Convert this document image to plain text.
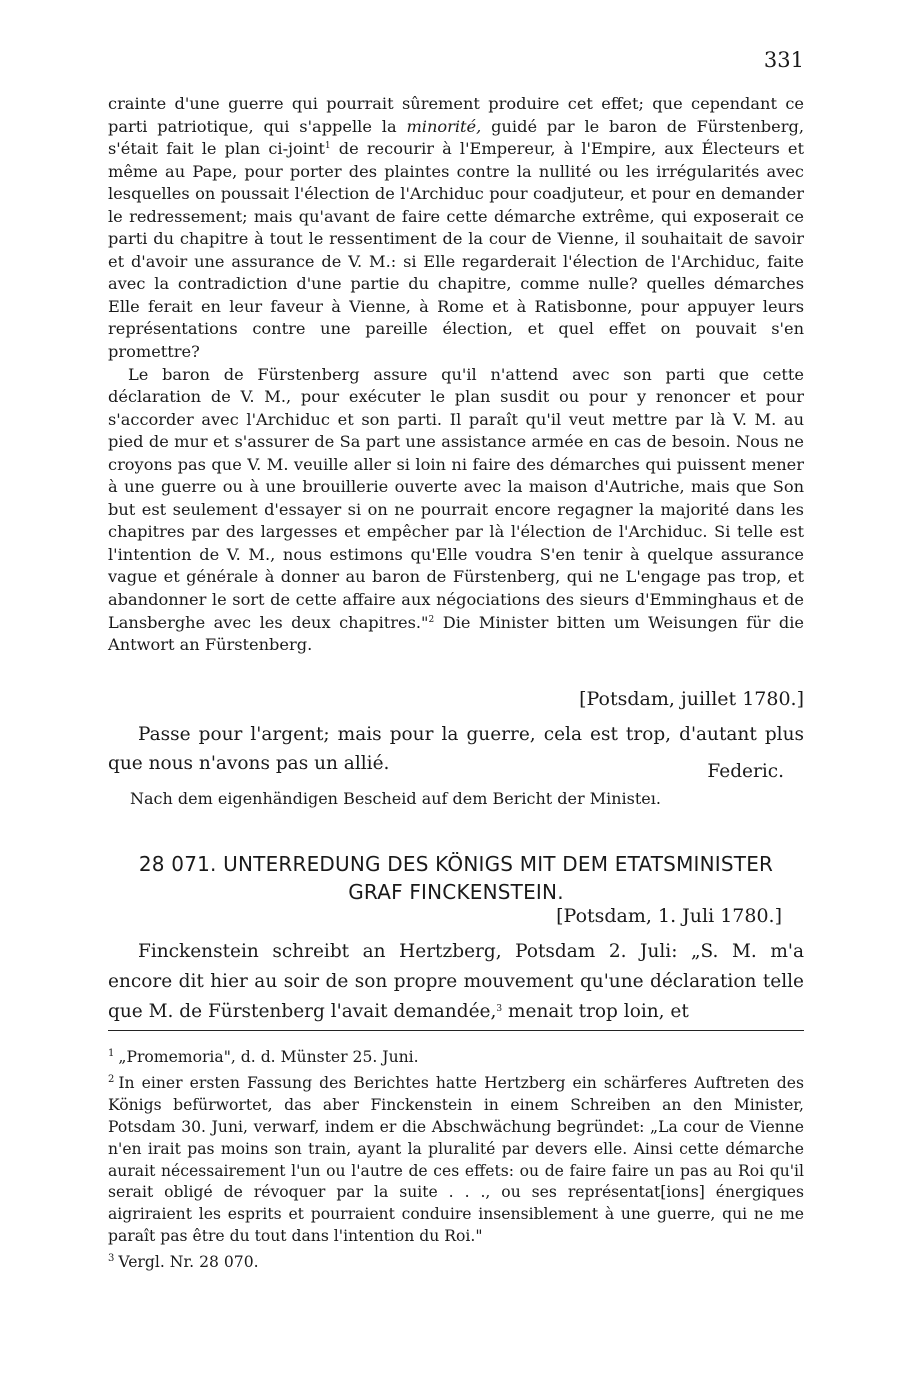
331

crainte d'une guerre qui pourrait sûrement produire cet effet; que cependant ce parti patriotique, qui s'appelle la minorité, guidé par le baron de Fürstenberg, s'était fait le plan ci-joint$^1$ de recourir à l'Empereur, à l'Empire, aux Électeurs et même au Pape, pour porter des plaintes contre la nullité ou les irrégularités avec lesquelles on poussait l'élection de l'Archiduc pour coadjuteur, et pour en demander le redressement; mais qu'avant de faire cette démarche extrême, qui exposerait ce parti du chapitre à tout le ressentiment de la cour de Vienne, il souhaitait de savoir et d'avoir une assurance de V. M.: si Elle regarderait l'élection de l'Archiduc, faite avec la contradiction d'une partie du chapitre, comme nulle? quelles démarches Elle ferait en leur faveur à Vienne, à Rome et à Ratisbonne, pour appuyer leurs représentations contre une pareille élection, et quel effet on pouvait s'en promettre?

Le baron de Fürstenberg assure qu'il n'attend avec son parti que cette déclaration de V. M., pour exécuter le plan susdit ou pour y renoncer et pour s'accorder avec l'Archiduc et son parti. Il paraît qu'il veut mettre par là V. M. au pied de mur et s'assurer de Sa part une assistance armée en cas de besoin. Nous ne croyons pas que V. M. veuille aller si loin ni faire des démarches qui puissent mener à une guerre ou à une brouillerie ouverte avec la maison d'Autriche, mais que Son but est seulement d'essayer si on ne pourrait encore regagner la majorité dans les chapitres par des largesses et empêcher par là l'élection de l'Archiduc. Si telle est l'intention de V. M., nous estimons qu'Elle voudra S'en tenir à quelque assurance vague et générale à donner au baron de Fürstenberg, qui ne L'engage pas trop, et abandonner le sort de cette affaire aux négociations des sieurs d'Emminghaus et de Lansberghe avec les deux chapitres."$^2$ Die Minister bitten um Weisungen für die Antwort an Fürstenberg.

[Potsdam, juillet 1780.]

Passe pour l'argent; mais pour la guerre, cela est trop, d'autant plus que nous n'avons pas un allié.	Federic.
Nach dem eigenhändigen Bescheid auf dem Bericht der Ministeı.
28 071. UNTERREDUNG DES KÖNIGS MIT DEM ETATSMINISTER
GRAF FINCKENSTEIN.
[Potsdam, 1. Juli 1780.]

Finckenstein schreibt an Hertzberg, Potsdam 2. Juli: „S. M. m'a encore dit hier au soir de son propre mouvement qu'une déclaration telle que M. de Fürstenberg l'avait demandée,$^3$ menait trop loin, et

$^1$ „Promemoria", d. d. Münster 25. Juni.

$^2$ In einer ersten Fassung des Berichtes hatte Hertzberg ein schärferes Auftreten des Königs befürwortet, das aber Finckenstein in einem Schreiben an den Minister, Potsdam 30. Juni, verwarf, indem er die Abschwächung begründet: „La cour de Vienne n'en irait pas moins son train, ayant la pluralité par devers elle. Ainsi cette démarche aurait nécessairement l'un ou l'autre de ces effets: ou de faire faire un pas au Roi qu'il serait obligé de révoquer par la suite . . ., ou ses représentat[ions] énergiques aigriraient les esprits et pourraient conduire insensiblement à une guerre, qui ne me paraît pas être du tout dans l'intention du Roi."

$^3$ Vergl. Nr. 28 070.
